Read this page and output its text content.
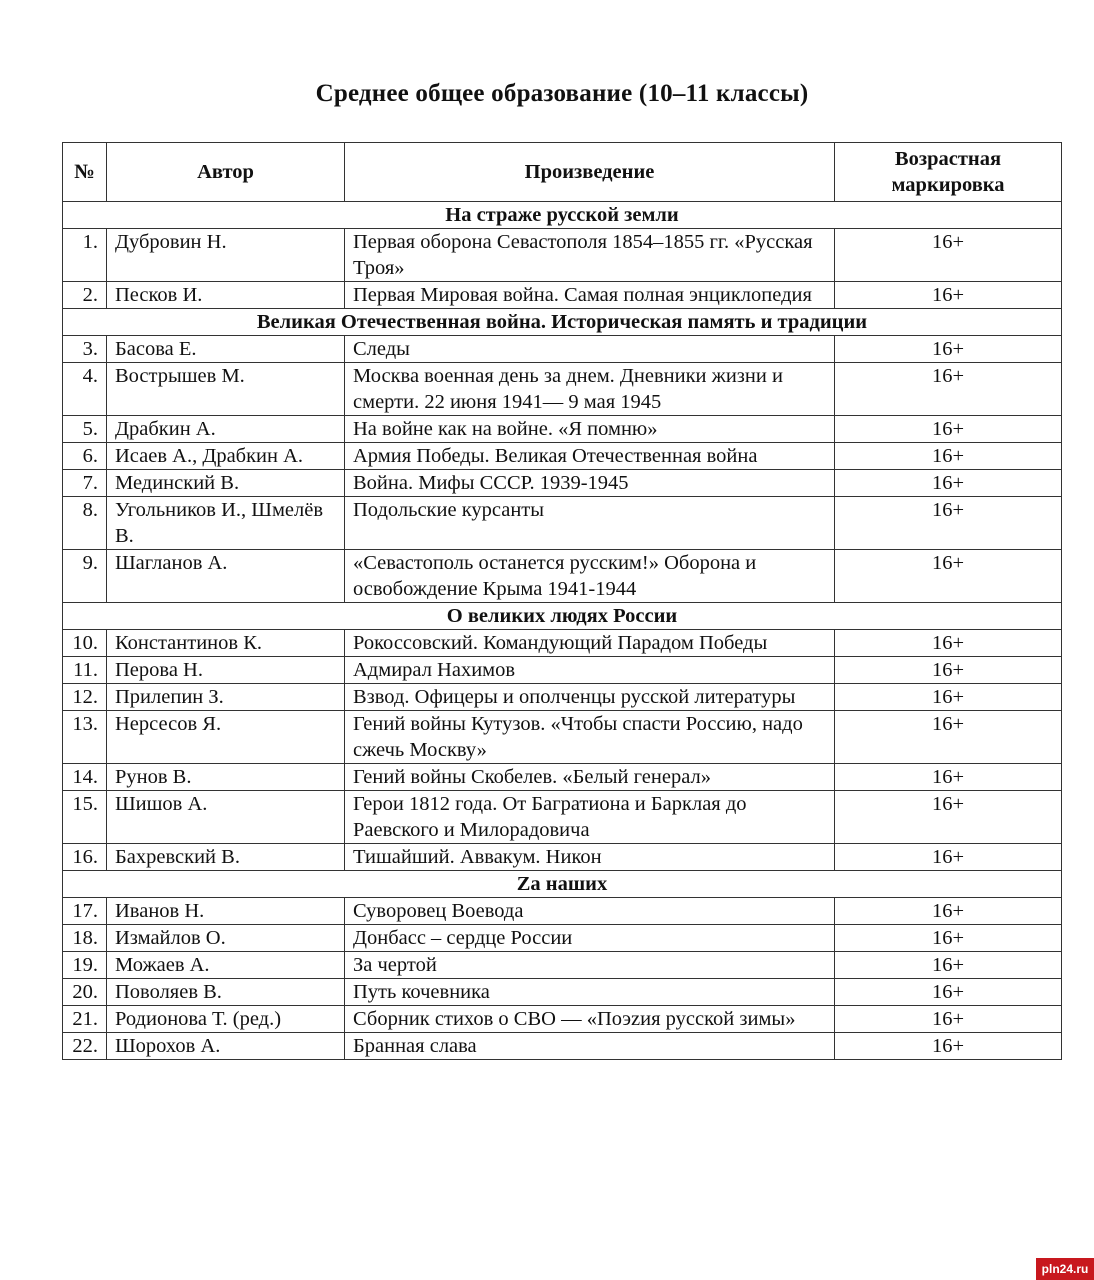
Среднее общее образование (10–11 классы)
№	Автор	Произведение	Возрастная маркировка
На страже русской земли			
1.	Дубровин Н.	Первая оборона Севастополя 1854–1855 гг. «Русская Троя»	16+
2.	Песков И.	Первая Мировая война. Самая полная энциклопедия	16+
Великая Отечественная война. Историческая память и традиции			
3.	Басова Е.	Следы	16+
4.	Вострышев М.	Москва военная день за днем. Дневники жизни и смерти. 22 июня 1941— 9 мая 1945	16+
5.	Драбкин А.	На войне как на войне. «Я помню»	16+
6.	Исаев А., Драбкин А.	Армия Победы. Великая Отечественная война	16+
7.	Мединский В.	Война. Мифы СССР. 1939-1945	16+
8.	Угольников И., Шмелёв В.	Подольские курсанты	16+
9.	Шагланов А.	«Севастополь останется русским!» Оборона и освобождение Крыма 1941-1944	16+
О великих людях России			
10.	Константинов К.	Рокоссовский. Командующий Парадом Победы	16+
11.	Перова Н.	Адмирал Нахимов	16+
12.	Прилепин З.	Взвод. Офицеры и ополченцы русской литературы	16+
13.	Нерсесов Я.	Гений войны Кутузов. «Чтобы спасти Россию, надо сжечь Москву»	16+
14.	Рунов В.	Гений войны Скобелев. «Белый генерал»	16+
15.	Шишов А.	Герои 1812 года. От Багратиона и Барклая до Раевского и Милорадовича	16+
16.	Бахревский В.	Тишайший. Аввакум. Никон	16+
Zа наших			
17.	Иванов Н.	Суворовец Воевода	16+
18.	Измайлов О.	Донбасс – сердце России	16+
19.	Можаев А.	За чертой	16+
20.	Поволяев В.	Путь кочевника	16+
21.	Родионова Т. (ред.)	Сборник стихов о СВО — «Поэzия русской зимы»	16+
22.	Шорохов А.	Бранная слава	16+
pln24.ru
